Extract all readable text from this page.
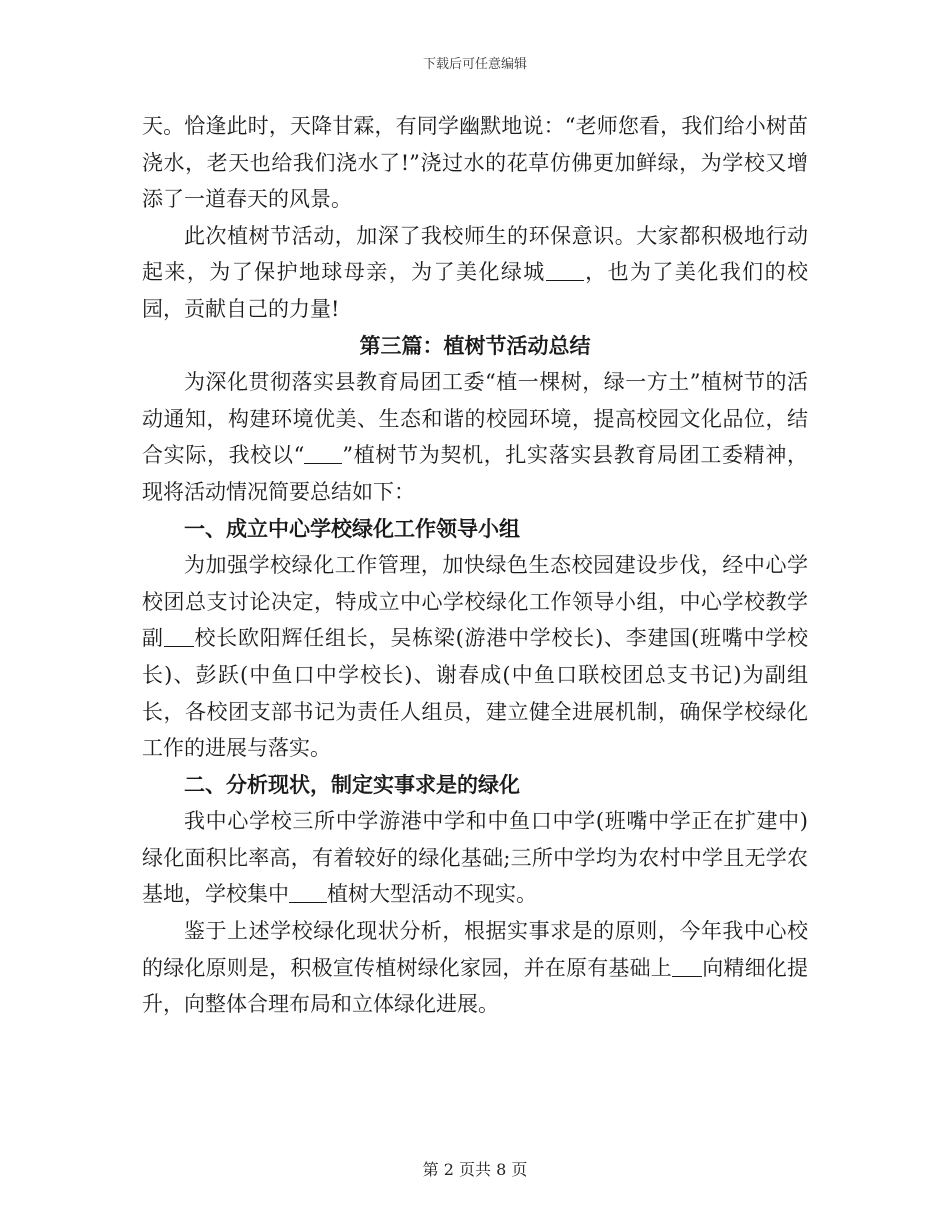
下载后可任意编辑

天。恰逢此时，天降甘霖，有同学幽默地说：“老师您看，我们给小树苗浇水，老天也给我们浇水了!”浇过水的花草仿佛更加鲜绿，为学校又增添了一道春天的风景。

此次植树节活动，加深了我校师生的环保意识。大家都积极地行动起来，为了保护地球母亲，为了美化绿城 ，也为了美化我们的校园，贡献自己的力量!

第三篇：植树节活动总结

为深化贯彻落实县教育局团工委“植一棵树，绿一方土”植树节的活动通知，构建环境优美、生态和谐的校园环境，提高校园文化品位，结合实际，我校以“ ”植树节为契机，扎实落实县教育局团工委精神，现将活动情况简要总结如下：

一、成立中心学校绿化工作领导小组

为加强学校绿化工作管理，加快绿色生态校园建设步伐，经中心学校团总支讨论决定，特成立中心学校绿化工作领导小组，中心学校教学副 校长欧阳辉任组长，吴栋梁(游港中学校长)、李建国(班嘴中学校长)、彭跃(中鱼口中学校长)、谢春成(中鱼口联校团总支书记)为副组长，各校团支部书记为责任人组员，建立健全进展机制，确保学校绿化工作的进展与落实。

二、分析现状，制定实事求是的绿化

我中心学校三所中学游港中学和中鱼口中学(班嘴中学正在扩建中)绿化面积比率高，有着较好的绿化基础;三所中学均为农村中学且无学农基地，学校集中 植树大型活动不现实。

鉴于上述学校绿化现状分析，根据实事求是的原则，今年我中心校的绿化原则是，积极宣传植树绿化家园，并在原有基础上 向精细化提升，向整体合理布局和立体绿化进展。

第 2 页共 8 页
